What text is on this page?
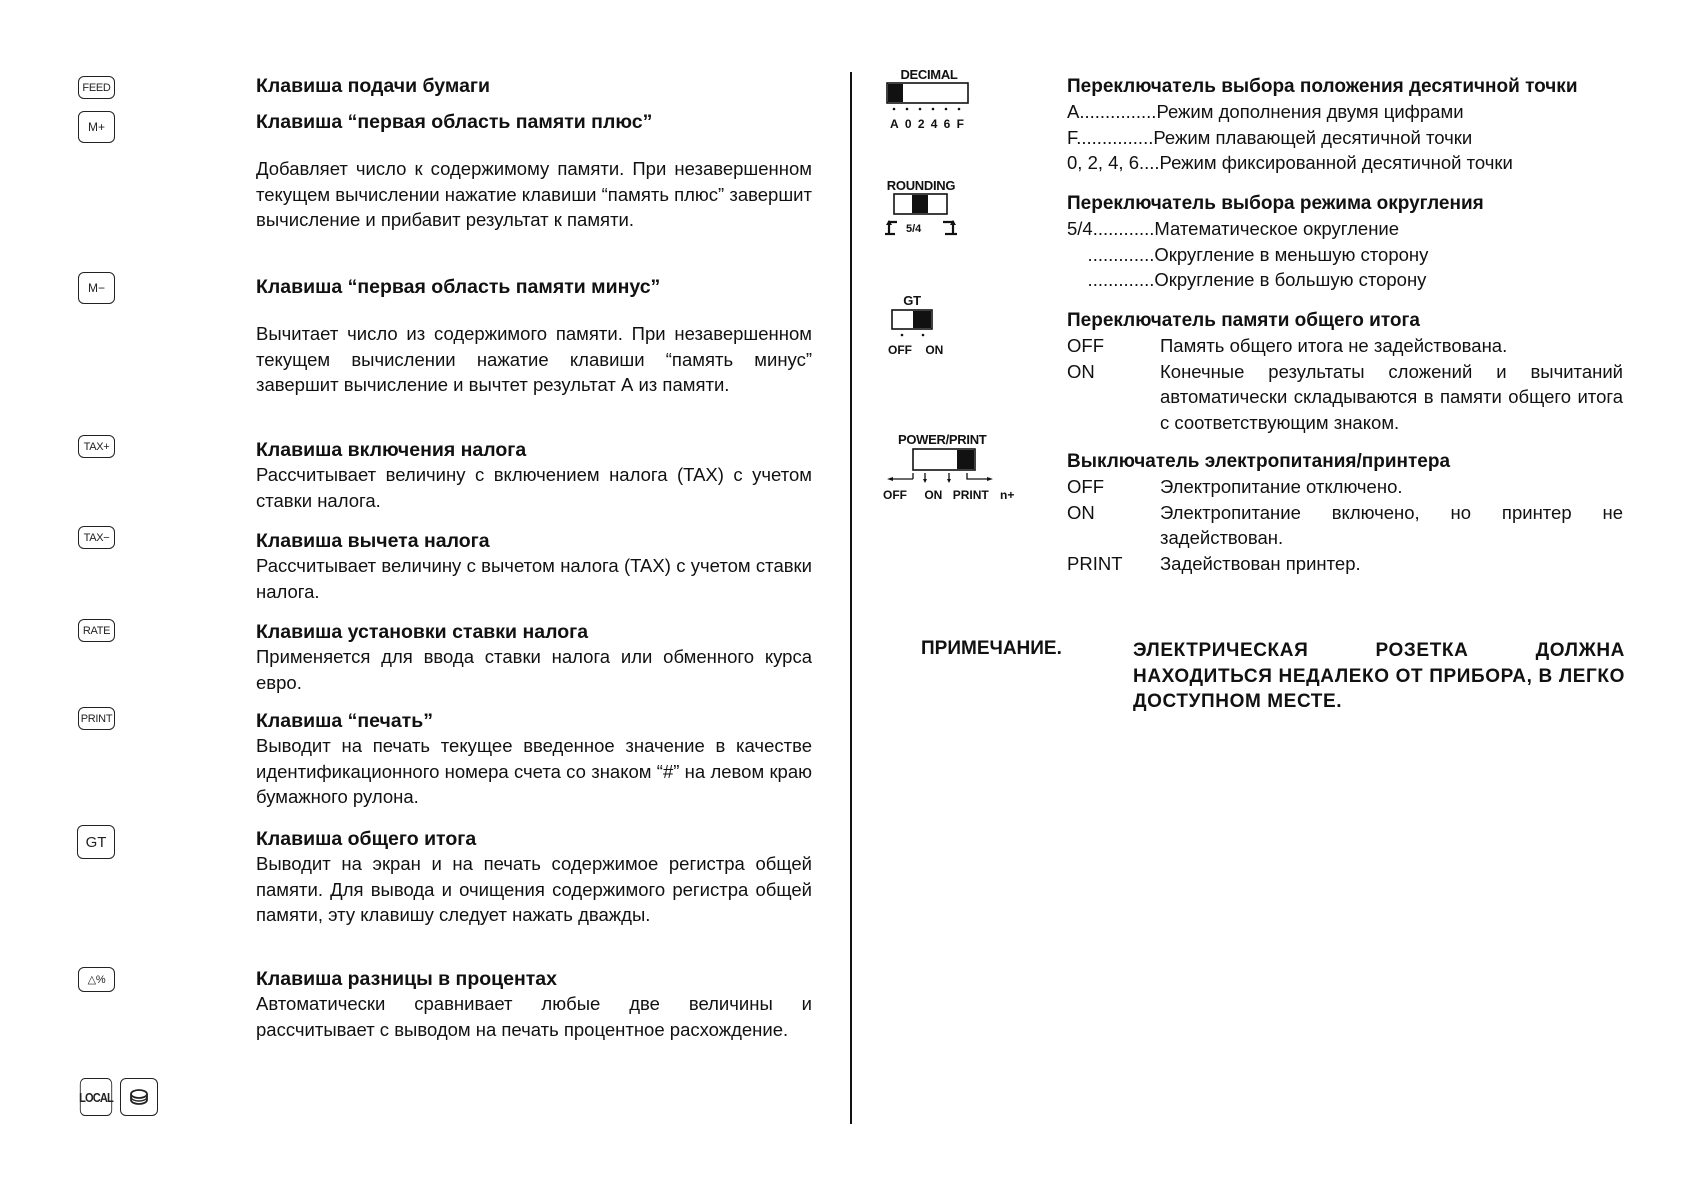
FEED	Клавиша подачи бумаги

M+	Клавиша “первая область памяти плюс”

Добавляет число к содержимому памяти. При незавершенном текущем вычислении нажатие клавиши “память плюс” завершит вычисление и прибавит результат к памяти.

M−	Клавиша “первая область памяти минус”

Вычитает число из содержимого памяти. При незавершенном текущем вычислении нажатие клавиши “память минус” завершит вычисление и вычтет результат А из памяти.

TAX+	Клавиша включения налога

Рассчитывает величину с включением налога (TAX) с учетом ставки налога.

TAX−	Клавиша вычета налога

Рассчитывает величину с вычетом налога (TAX) с учетом ставки налога.

RATE	Клавиша установки ставки налога

Применяется для ввода ставки налога или обменного курса евро.

PRINT	Клавиша “печать”

Выводит на печать текущее введенное значение в качестве идентификационного номера счета со знаком “#” на левом краю бумажного рулона.

GT	Клавиша общего итога

Выводит на экран и на печать содержимое регистра общей памяти. Для вывода и очищения содержимого регистра общей памяти, эту клавишу следует нажать дважды.

△%	Клавиша разницы в процентах

Автоматически сравнивает любые две величины и рассчитывает с выводом на печать процентное расхождение.

LOCAL
DECIMAL
A 0 2 4 6 F

Переключатель выбора положения десятичной точки

A...............Режим дополнения двумя цифрами

F...............Режим плавающей десятичной точки

0, 2, 4, 6....Режим фиксированной десятичной точки

ROUNDING
5/4

Переключатель выбора режима округления

5/4............Математическое округление

.............Округление в меньшую сторону

.............Округление в большую сторону

GT
OFF ON

Переключатель памяти общего итога

OFF	Память общего итога не задействована.
ON	Конечные результаты сложений и вычитаний автоматически складываются в памяти общего итога с соответствующим знаком.
POWER/PRINT
OFF ON PRINT n+

Выключатель электропитания/принтера

OFF	Электропитание отключено.
ON	Электропитание включено, но принтер не задействован.
PRINT	Задействован принтер.
ПРИМЕЧАНИЕ.	ЭЛЕКТРИЧЕСКАЯ РОЗЕТКА ДОЛЖНА НАХОДИТЬСЯ НЕДАЛЕКО ОТ ПРИБОРА, В ЛЕГКО ДОСТУПНОМ МЕСТЕ.
